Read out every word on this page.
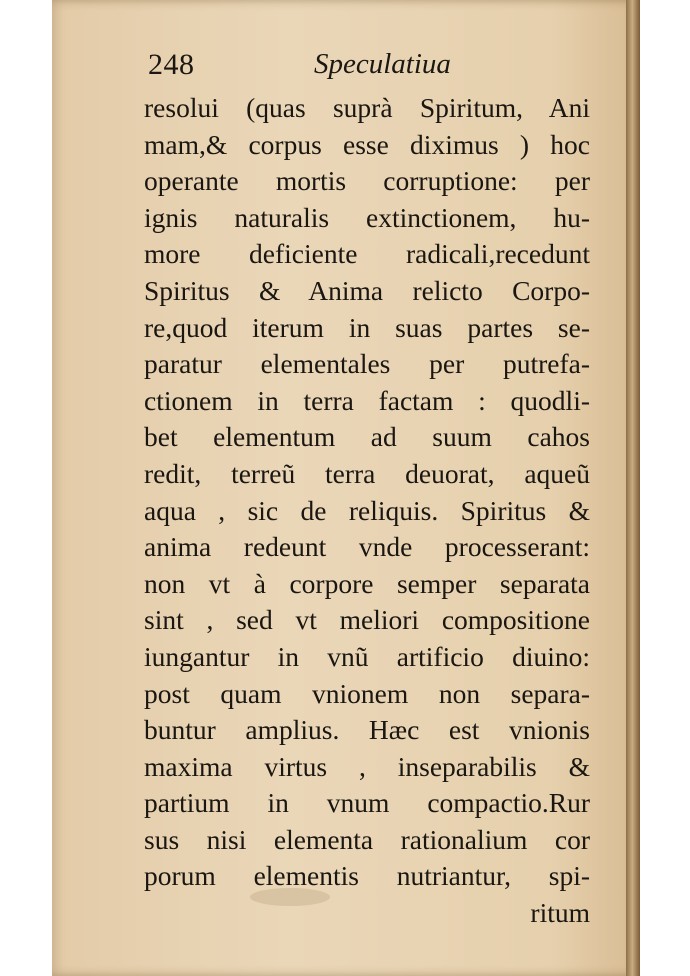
248	Speculatiua
resolui (quas suprà Spiritum, Ani
mam,& corpus esse diximus ) hoc
operante mortis corruptione: per
ignis naturalis extinctionem, hu-
more deficiente radicali,recedunt
Spiritus & Anima relicto Corpo-
re,quod iterum in suas partes se-
paratur elementales per putrefa-
ctionem in terra factam : quodli-
bet elementum ad suum cahos
redit, terreũ terra deuorat, aqueũ
aqua , sic de reliquis. Spiritus &
anima redeunt vnde processerant:
non vt à corpore semper separata
sint , sed vt meliori compositione
iungantur in vnũ artificio diuino:
post quam vnionem non separa-
buntur amplius. Hæc est vnionis
maxima virtus , inseparabilis &
partium in vnum compactio.Rur
sus nisi elementa rationalium cor
porum elementis nutriantur, spi-
ritum
